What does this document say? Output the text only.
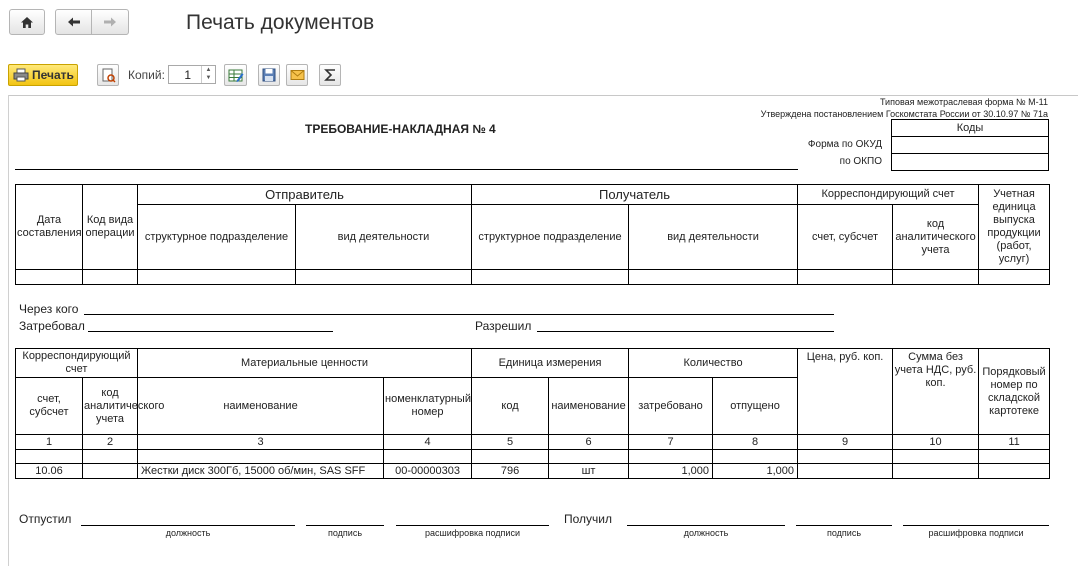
Печать документов
Печать	Копий: 1	▲
▼
Типовая межотраслевая форма № М-11
Утверждена постановлением Госкомстата России от 30.10.97 № 71а
ТРЕБОВАНИЕ-НАКЛАДНАЯ № 4	Коды

Форма по ОКУД
по ОКПО
Дата составления	Код вида операции	Отправитель		Получатель		Корреспондирующий счет		Учетная единица выпуска продукции (работ, услуг)
		структурное подразделение	вид деятельности	структурное подразделение	вид деятельности	счет, субсчет	код аналитического учета	

Через кого
Затребовал	Разрешил
Корреспондирующий счет		Материальные ценности		Единица измерения		Количество		Цена, руб. коп.	Сумма без учета НДС, руб. коп.	Порядковый номер по складской картотеке
счет, субсчет	код аналитического учета	наименование	номенклатурный номер	код	наименование	затребовано	отпущено			
1	2	3	4	5	6	7	8	9	10	11

10.06		Жестки диск 300Гб, 15000 об/мин, SAS SFF	00-00000303	796	шт	1,000	1,000			
Отпустил
должность	подпись	расшифровка подписи
Получил
должность	подпись	расшифровка подписи
